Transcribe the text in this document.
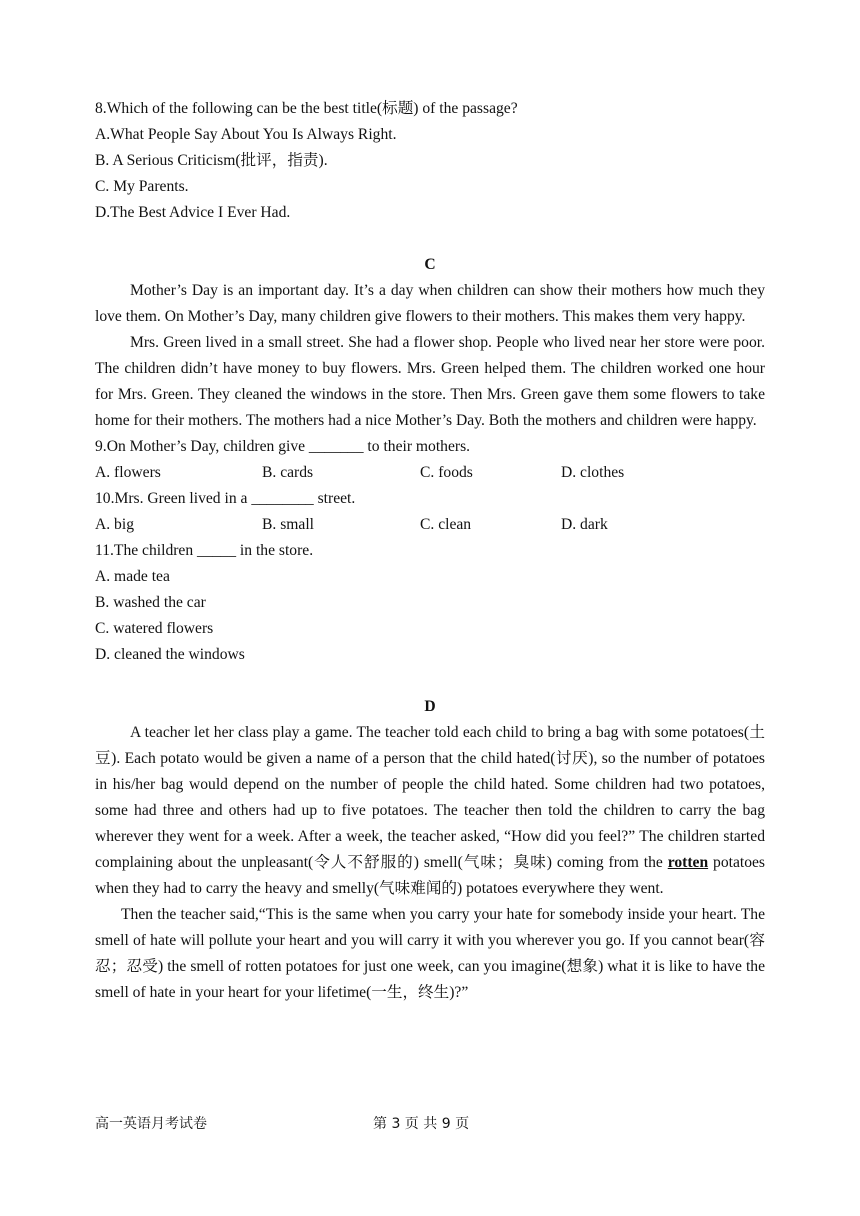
8.Which of the following can be the best title(标题) of the passage?
A.What People Say About You Is Always Right.
B. A Serious Criticism(批评，指责).
C. My Parents.
D.The Best Advice I Ever Had.
C

Mother’s Day is an important day. It’s a day when children can show their mothers how much they love them. On Mother’s Day, many children give flowers to their mothers. This makes them very happy.

Mrs. Green lived in a small street. She had a flower shop. People who lived near her store were poor. The children didn’t have money to buy flowers. Mrs. Green helped them. The children worked one hour for Mrs. Green. They cleaned the windows in the store. Then Mrs. Green gave them some flowers to take home for their mothers. The mothers had a nice Mother’s Day. Both the mothers and children were happy.

9.On Mother’s Day, children give _______ to their mothers.
A. flowers	B. cards	C. foods	D. clothes
10.Mrs. Green lived in a ________ street.
A. big	B. small	C. clean	D. dark
11.The children _____ in the store.
A. made tea
B. washed the car
C. watered flowers
D. cleaned the windows
D

A teacher let her class play a game. The teacher told each child to bring a bag with some potatoes(土豆). Each potato would be given a name of a person that the child hated(讨厌), so the number of potatoes in his/her bag would depend on the number of people the child hated. Some children had two potatoes, some had three and others had up to five potatoes. The teacher then told the children to carry the bag wherever they went for a week. After a week, the teacher asked, “How did you feel?” The children started complaining about the unpleasant(令人不舒服的) smell(气味；臭味) coming from the rotten potatoes when they had to carry the heavy and smelly(气味难闻的) potatoes everywhere they went.

Then the teacher said,“This is the same when you carry your hate for somebody inside your heart. The smell of hate will pollute your heart and you will carry it with you wherever you go. If you cannot bear(容忍；忍受) the smell of rotten potatoes for just one week, can you imagine(想象) what it is like to have the smell of hate in your heart for your lifetime(一生，终生)?”

高一英语月考试卷	第 3 页 共 9 页
